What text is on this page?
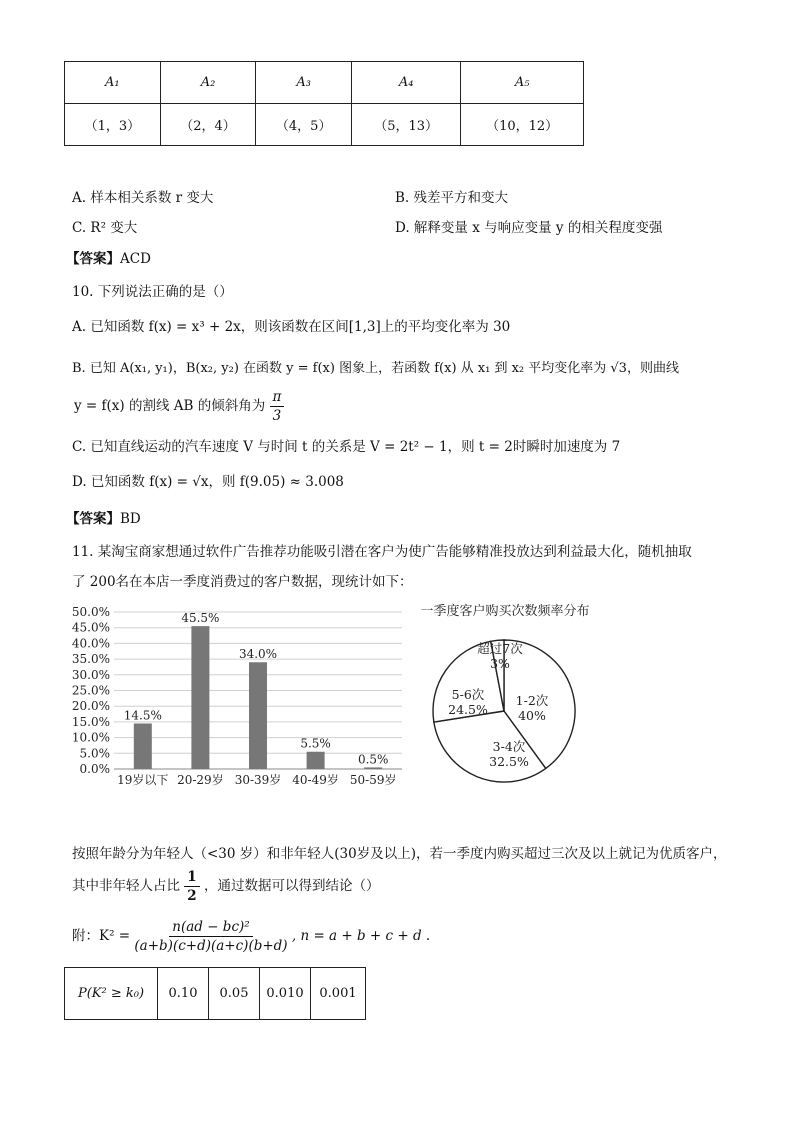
A₁	A₂	A₃	A₄	A₅
（1，3）	（2，4）	（4，5）	（5，13）	（10，12）
A. 样本相关系数 r 变大	B. 残差平方和变大
C. R² 变大	D. 解释变量 x 与响应变量 y 的相关程度变强
【答案】ACD
10. 下列说法正确的是（）
A. 已知函数 f(x) = x³ + 2x，则该函数在区间[1,3]上的平均变化率为 30
B. 已知 A(x₁, y₁)，B(x₂, y₂) 在函数 y = f(x) 图象上，若函数 f(x) 从 x₁ 到 x₂ 平均变化率为 √3，则曲线
y = f(x) 的割线 AB 的倾斜角为 $\frac{\pi}{3}$
C. 已知直线运动的汽车速度 V 与时间 t 的关系是 V = 2t² − 1，则 t = 2时瞬时加速度为 7
D. 已知函数 f(x) = √x，则 f(9.05) ≈ 3.008
【答案】BD
11. 某淘宝商家想通过软件广告推荐功能吸引潜在客户为使广告能够精准投放达到利益最大化，随机抽取
了 200名在本店一季度消费过的客户数据，现统计如下：
0.0%
5.0%
10.0%
15.0%
20.0%
25.0%
30.0%
35.0%
40.0%
45.0%
50.0%
14.5%
19岁以下
45.5%
20-29岁
34.0%
30-39岁
5.5%
40-49岁
0.5%
50-59岁
一季度客户购买次数频率分布
1-2次
40%
3-4次
32.5%
5-6次
24.5%
超过7次
3%
按照年龄分为年轻人（<30 岁）和非年轻人(30岁及以上)，若一季度内购买超过三次及以上就记为优质客户，
其中非年轻人占比 $\frac{1}{2}$ ，通过数据可以得到结论（）
附：$K^2 = \frac{\text{n(ad − bc)²}}{(a+b)(c+d)(a+c)(b+d)}$ , n = a + b + c + d .
P(K² ≥ k₀)	0.10	0.05	0.010	0.001
